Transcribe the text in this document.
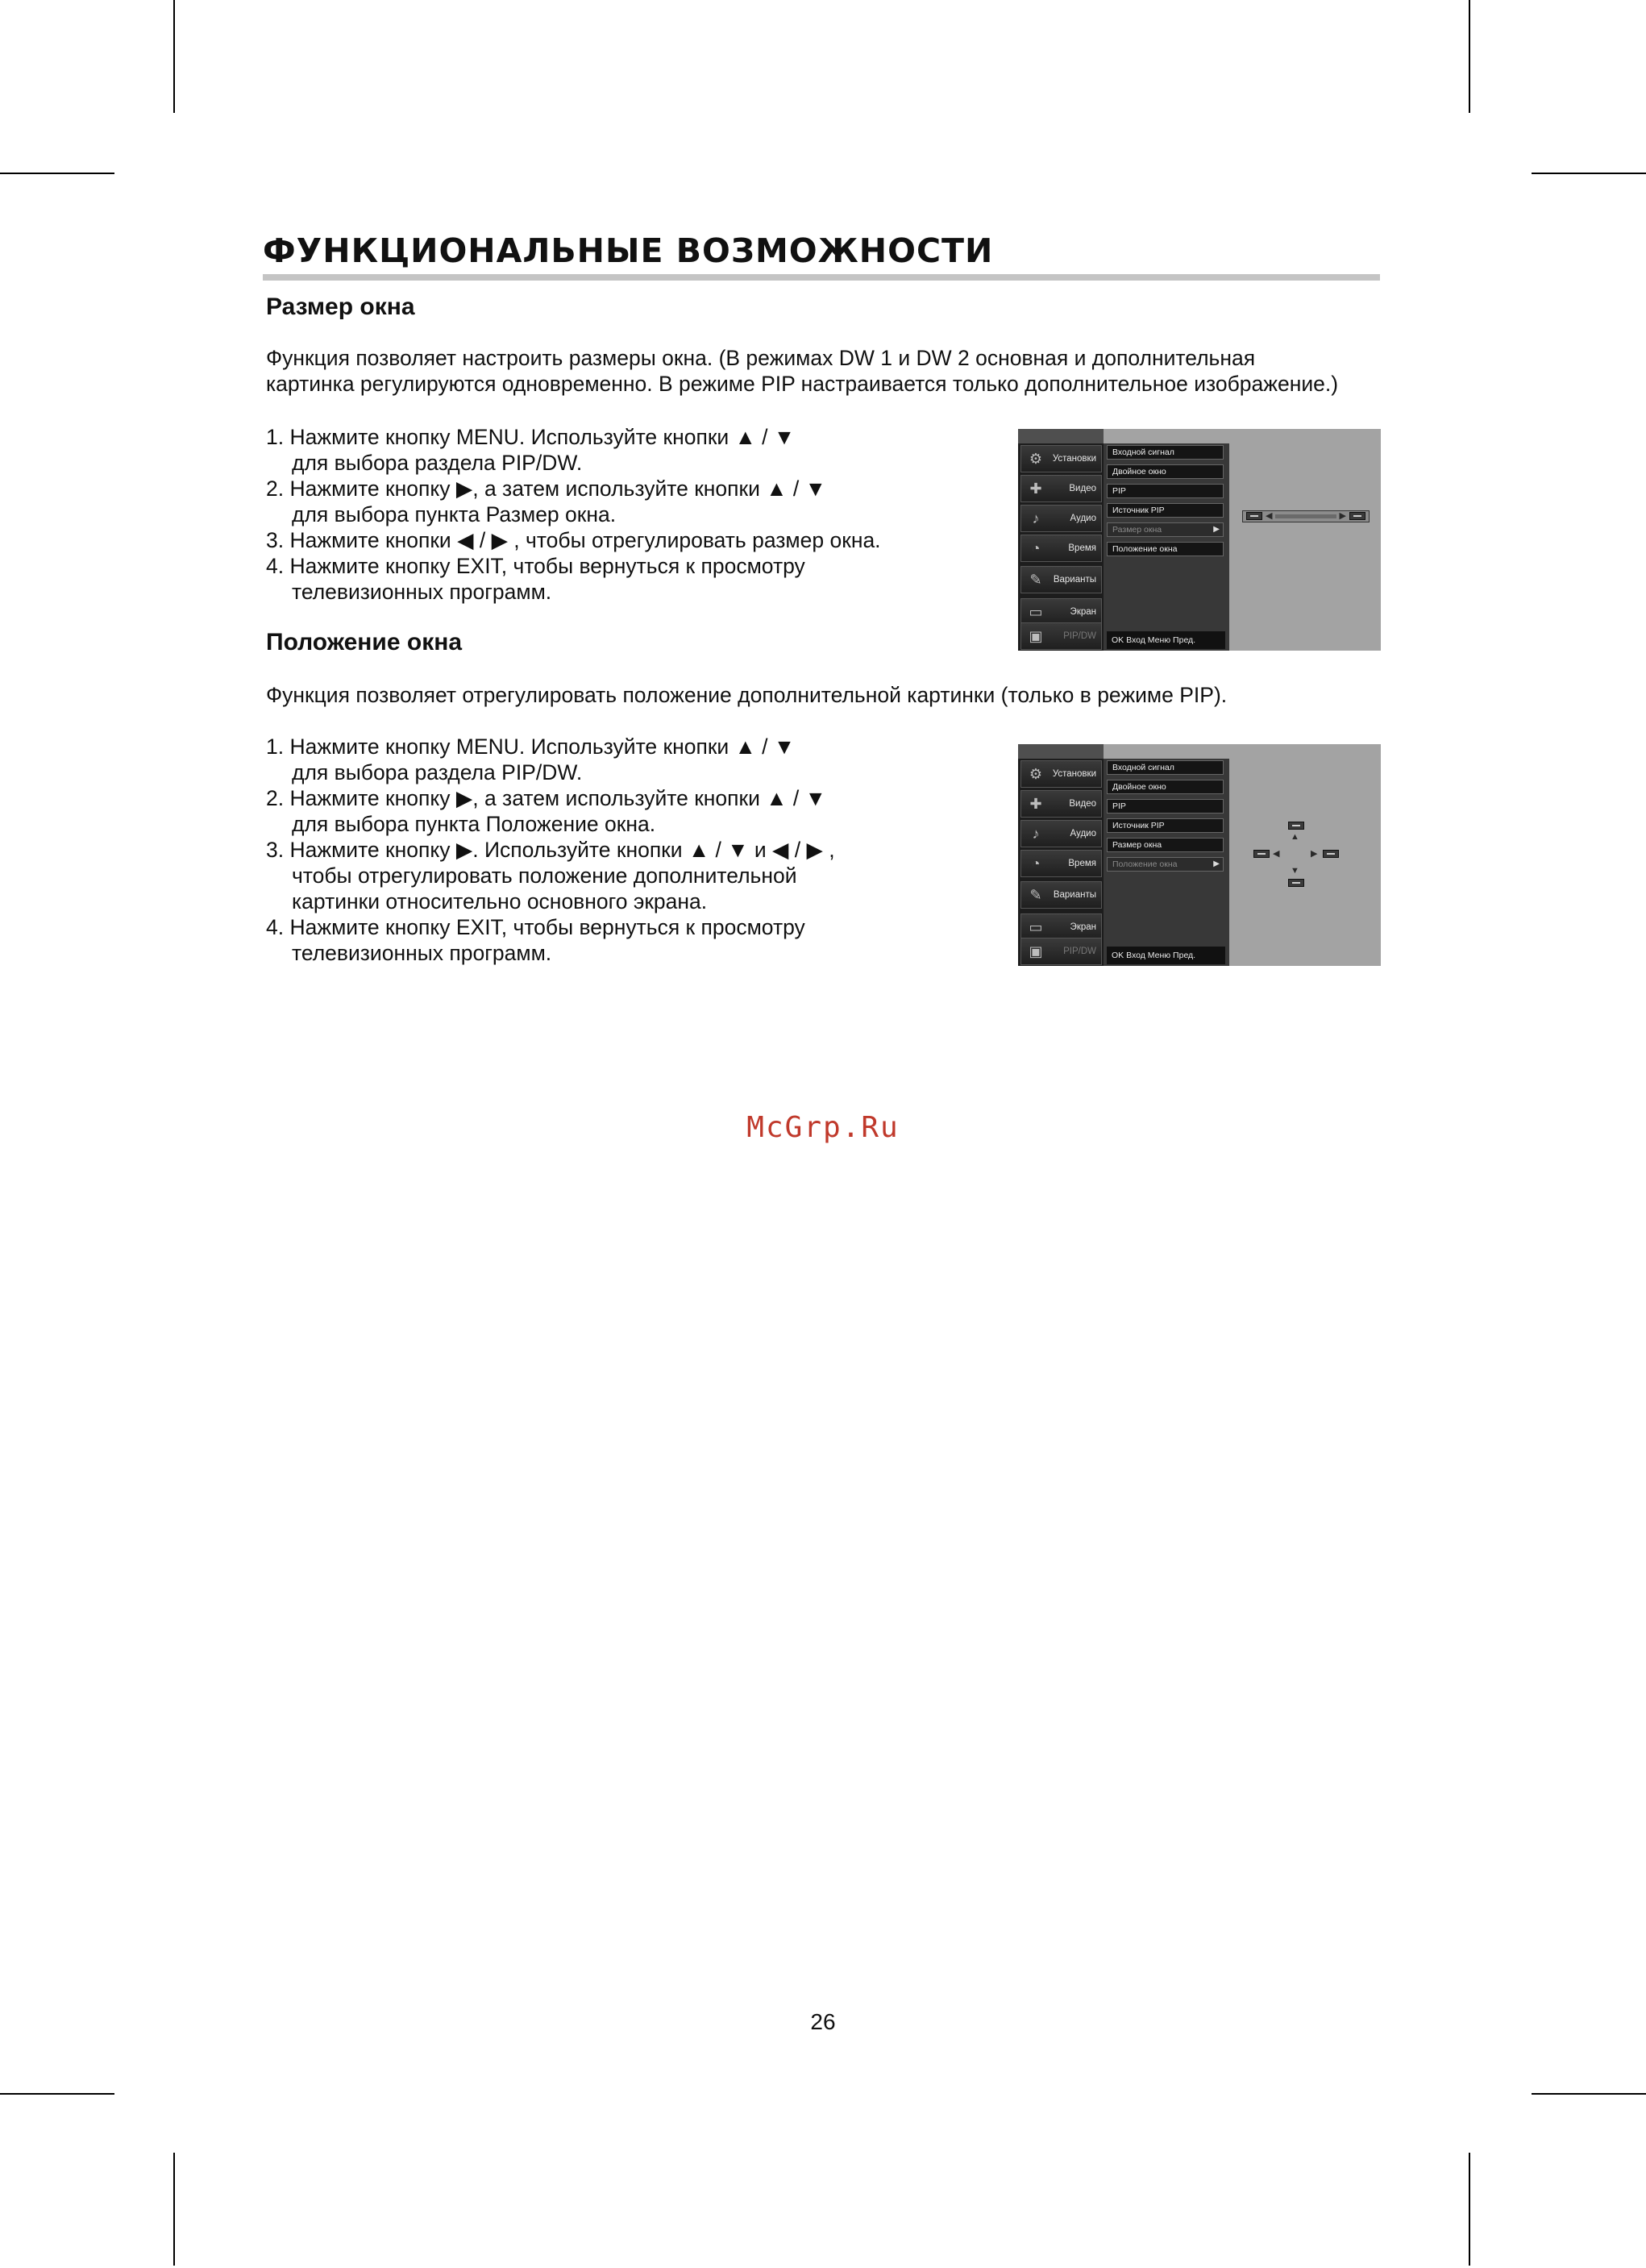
ФУНКЦИОНАЛЬНЫЕ ВОЗМОЖНОСТИ
Размер окна
Функция позволяет настроить размеры окна. (В режимах DW 1 и DW 2 основная и дополнительная
картинка регулируются одновременно. В режиме PIP настраивается только дополнительное изображение.)
1. Нажмите кнопку MENU. Используйте кнопки ▲ / ▼
для выбора раздела PIP/DW.
2. Нажмите кнопку ▶, а затем используйте кнопки ▲ / ▼
для выбора пункта Размер окна.
3. Нажмите кнопки ◀ / ▶ , чтобы отрегулировать размер окна.
4. Нажмите кнопку EXIT, чтобы вернуться к просмотру
телевизионных программ.
⚙	Установки
✚	Видео
♪	Аудио
◔	Время
✎	Варианты
▭	Экран
▣	PIP/DW
Входной сигнал
Двойное окно
PIP
Источник PIP
Размер окна	▶
Положение окна
OK Вход Меню Пред.
◀	▶
Положение окна
Функция позволяет отрегулировать положение дополнительной картинки (только в режиме PIP).
1. Нажмите кнопку MENU. Используйте кнопки ▲ / ▼
для выбора раздела PIP/DW.
2. Нажмите кнопку ▶, а затем используйте кнопки ▲ / ▼
для выбора пункта Положение окна.
3. Нажмите кнопку ▶. Используйте кнопки ▲ / ▼ и ◀ / ▶ ,
чтобы отрегулировать положение дополнительной
картинки относительно основного экрана.
4. Нажмите кнопку EXIT, чтобы вернуться к просмотру
телевизионных программ.
⚙	Установки
✚	Видео
♪	Аудио
◔	Время
✎	Варианты
▭	Экран
▣	PIP/DW
Входной сигнал
Двойное окно
PIP
Источник PIP
Размер окна
Положение окна	▶
OK Вход Меню Пред.
▲
◀	▶
▼
McGrp.Ru
26
